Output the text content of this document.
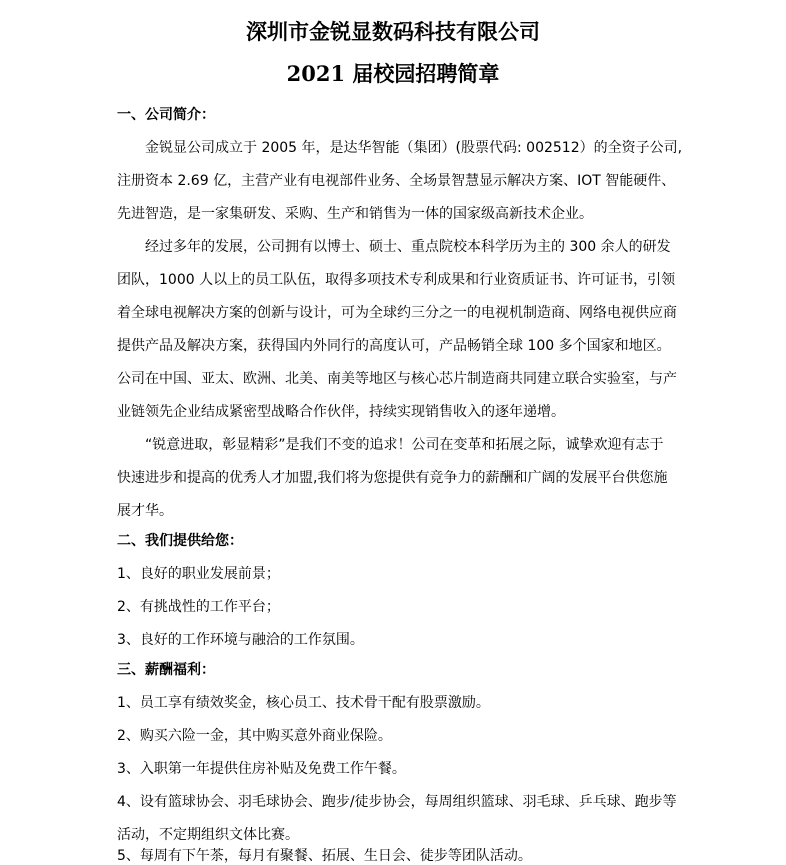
深圳市金锐显数码科技有限公司
2021 届校园招聘简章
一、公司简介：
金锐显公司成立于 2005 年，是达华智能（集团）(股票代码: 002512）的全资子公司,
注册资本 2.69 亿，主营产业有电视部件业务、全场景智慧显示解决方案、IOT 智能硬件、
先进智造，是一家集研发、采购、生产和销售为一体的国家级高新技术企业。
经过多年的发展，公司拥有以博士、硕士、重点院校本科学历为主的 300 余人的研发
团队，1000 人以上的员工队伍，取得多项技术专利成果和行业资质证书、许可证书，引领
着全球电视解决方案的创新与设计，可为全球约三分之一的电视机制造商、网络电视供应商
提供产品及解决方案，获得国内外同行的高度认可，产品畅销全球 100 多个国家和地区。
公司在中国、亚太、欧洲、北美、南美等地区与核心芯片制造商共同建立联合实验室，与产
业链领先企业结成紧密型战略合作伙伴，持续实现销售收入的逐年递增。
“锐意进取，彰显精彩”是我们不变的追求！公司在变革和拓展之际，诚挚欢迎有志于
快速进步和提高的优秀人才加盟,我们将为您提供有竞争力的薪酬和广阔的发展平台供您施
展才华。
二、我们提供给您：
1、良好的职业发展前景；
2、有挑战性的工作平台；
3、良好的工作环境与融洽的工作氛围。
三、薪酬福利：
1、员工享有绩效奖金，核心员工、技术骨干配有股票激励。
2、购买六险一金，其中购买意外商业保险。
3、入职第一年提供住房补贴及免费工作午餐。
4、设有篮球协会、羽毛球协会、跑步/徒步协会，每周组织篮球、羽毛球、乒乓球、跑步等
活动，不定期组织文体比赛。
5、每周有下午茶，每月有聚餐、拓展、生日会、徒步等团队活动。
